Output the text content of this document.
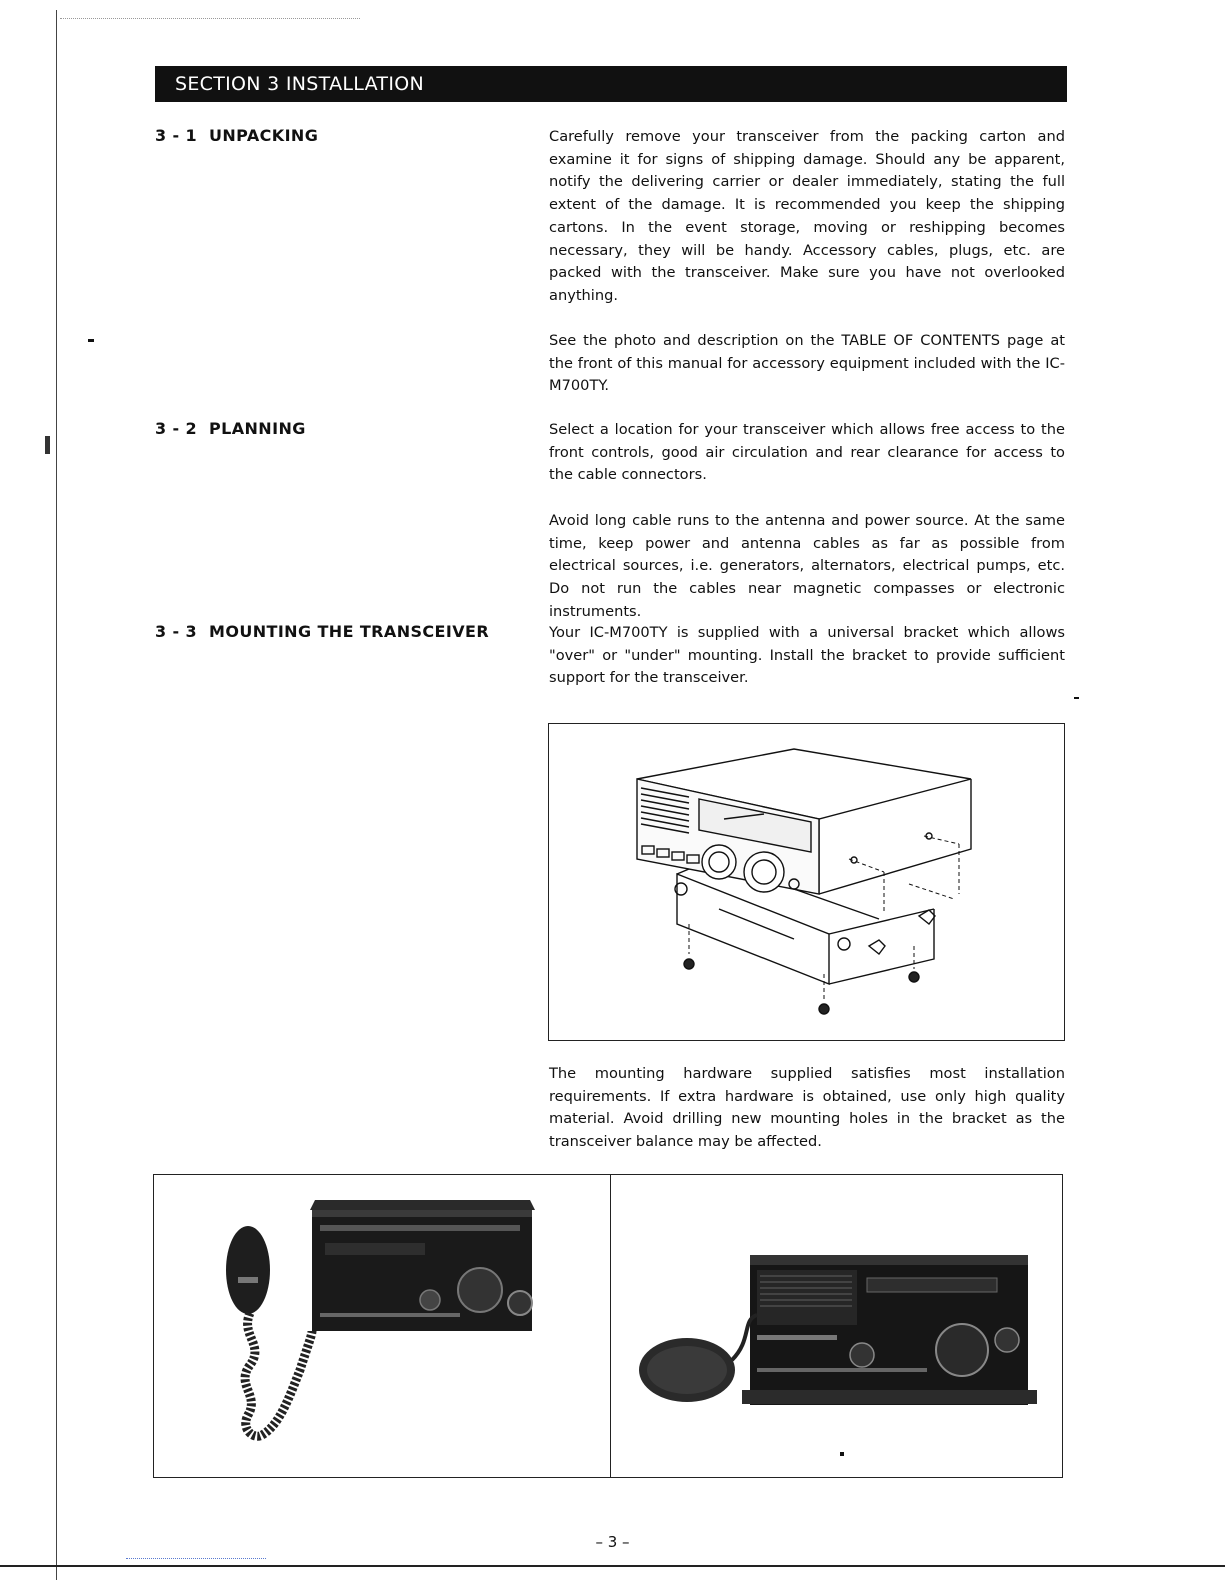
SECTION 3 INSTALLATION
3 - 1 UNPACKING	Carefully remove your transceiver from the packing carton and examine it for signs of shipping damage. Should any be apparent, notify the delivering carrier or dealer immediately, stating the full extent of the damage. It is recommended you keep the shipping cartons. In the event storage, moving or reshipping becomes necessary, they will be handy. Accessory cables, plugs, etc. are packed with the transceiver. Make sure you have not overlooked anything.

See the photo and description on the TABLE OF CONTENTS page at the front of this manual for accessory equipment included with the IC-M700TY.

3 - 2 PLANNING	Select a location for your transceiver which allows free access to the front controls, good air circulation and rear clearance for access to the cable connectors.

Avoid long cable runs to the antenna and power source. At the same time, keep power and antenna cables as far as possible from electrical sources, i.e. generators, alternators, electrical pumps, etc. Do not run the cables near magnetic compasses or electronic instruments.

3 - 3 MOUNTING THE TRANSCEIVER	Your IC-M700TY is supplied with a universal bracket which allows "over" or "under" mounting. Install the bracket to provide sufficient support for the transceiver.

The mounting hardware supplied satisfies most installation requirements. If extra hardware is obtained, use only high quality material. Avoid drilling new mounting holes in the bracket as the transceiver balance may be affected.

– 3 –
